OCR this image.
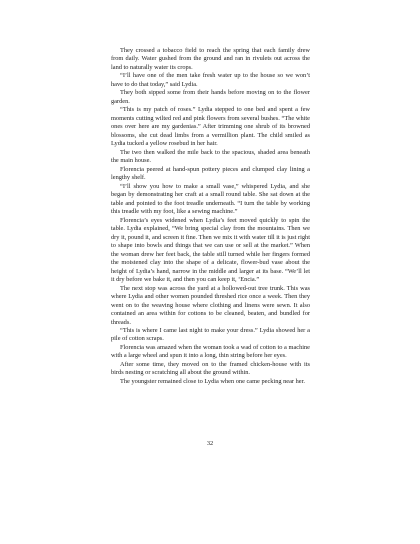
They crossed a tobacco field to reach the spring that each family drew from daily. Water gushed from the ground and ran in rivulets out across the land to naturally water its crops.

“I’ll have one of the men take fresh water up to the house so we won’t have to do that today,” said Lydia.

They both sipped some from their hands before moving on to the flower garden.

“This is my patch of roses.” Lydia stepped to one bed and spent a few moments cutting wilted red and pink flowers from several bushes. “The white ones over here are my gardenias.” After trimming one shrub of its browned blossoms, she cut dead limbs from a vermillion plant. The child smiled as Lydia tucked a yellow rosebud in her hair.

The two then walked the mile back to the spacious, shaded area beneath the main house.

Florencia peered at hand-spun pottery pieces and clumped clay lining a lengthy shelf.

“I’ll show you how to make a small vase,” whispered Lydia, and she began by demonstrating her craft at a small round table. She sat down at the table and pointed to the foot treadle underneath. “I turn the table by working this treadle with my foot, like a sewing machine.”

Florencia’s eyes widened when Lydia’s feet moved quickly to spin the table. Lydia explained, “We bring special clay from the mountains. Then we dry it, pound it, and screen it fine. Then we mix it with water till it is just right to shape into bowls and things that we can use or sell at the market.” When the woman drew her feet back, the table still turned while her fingers formed the moistened clay into the shape of a delicate, flower-bud vase about the height of Lydia’s hand, narrow in the middle and larger at its base. “We’ll let it dry before we bake it, and then you can keep it, ‘Encia.”

The next stop was across the yard at a hollowed-out tree trunk. This was where Lydia and other women pounded threshed rice once a week. Then they went on to the weaving house where clothing and linens were sewn. It also contained an area within for cottons to be cleaned, beaten, and bundled for threads.

“This is where I came last night to make your dress.” Lydia showed her a pile of cotton scraps.

Florencia was amazed when the woman took a wad of cotton to a machine with a large wheel and spun it into a long, thin string before her eyes.

After some time, they moved on to the framed chicken-house with its birds nesting or scratching all about the ground within.

The youngster remained close to Lydia when one came pecking near her.

32
